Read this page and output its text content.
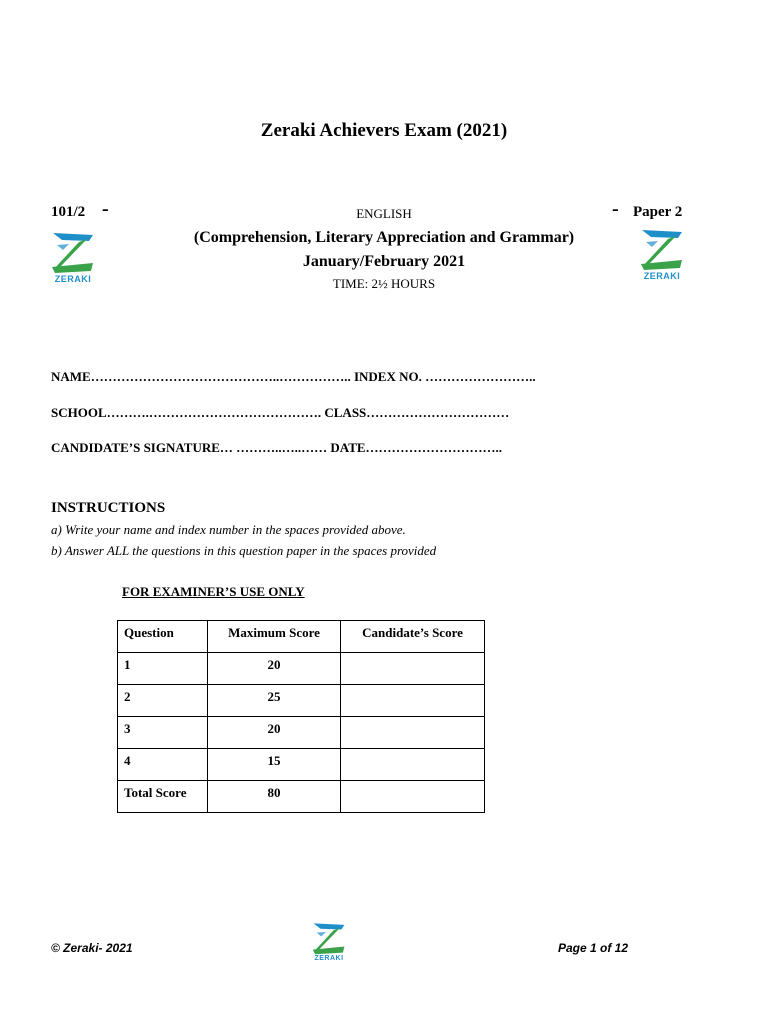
Zeraki Achievers Exam (2021)
101/2 -	- Paper 2
ENGLISH
(Comprehension, Literary Appreciation and Grammar)
January/February 2021
TIME: 2½ HOURS
ZERAKI	ZERAKI
NAME……………………………………..…………….. INDEX NO. ……………………..
SCHOOL……….…………………………………. CLASS……………………………
CANDIDATE’S SIGNATURE… ………..…..…… DATE…………………………..
INSTRUCTIONS
a) Write your name and index number in the spaces provided above.
b) Answer ALL the questions in this question paper in the spaces provided
FOR EXAMINER’S USE ONLY
Question	Maximum Score	Candidate’s Score
1	20	
2	25	
3	20	
4	15	
Total Score	80	
© Zeraki- 2021
ZERAKI
Page 1 of 12
